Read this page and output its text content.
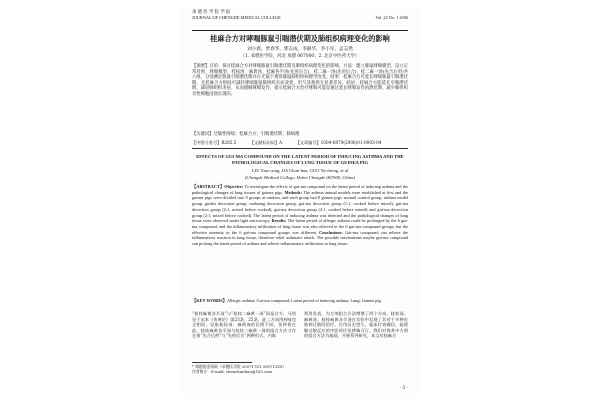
承 德 医 学 院 学 报
JOURNAL OF CHENGDE MEDICAL COLLEGE	Vol. 23 No. 1 2006
桂麻合方对哮喘豚鼠引喘潜伏期及肺组织病理变化的影响
刘小新，贾春华，郭志成，李静华，李小军，孟志然
（1. 承德医学院，河北 承德 067000；2. 北京中医药大学）

【摘要】目的：探讨桂麻合方对哮喘豚鼠引喘潜伏期及肺组织病理变化的影响。方法：建立豚鼠哮喘模型，设立正常对照、哮喘模型、桂枝汤、麻黄汤、桂麻各半汤(先煎后合)、桂二麻一汤(先煎后合)、桂二麻一汤(先合后煎)共八组，分别测定豚鼠引喘潜伏期并在光镜下观察豚鼠肺组织病理学改变。结果：桂麻合方可延长哮喘豚鼠引喘潜伏期，且桂麻合方组间可减轻哮喘豚鼠肺组织炎症改变，但与其他组无显著差异。结论：桂麻合方能延长引喘潜伏期，减轻肺组织炎症，从而缓解哮喘发作，提示桂麻合方治疗哮喘可能是通过延长哮喘发作的潜伏期、减少肺组织炎性细胞浸润实现的。

【关键词】过敏性哮喘；桂麻合方；引喘潜伏期；肺病理

【中图分类号】R285.5	【文献标识码】A	【文章编号】1004-6879(2006)01-0003-04
EFFECTS OF GUI-MA COMPOUND ON THE LATENT PERIOD OF INDUCING ASTHMA AND THE PATHOLOGICAL CHANGES OF LUNG TISSUE OF GUINEA PIG
LIU Xiao-xing, JIA Chun-hua, GUO Yu-cheng, et al
(Chengde Medical College, Hebei Chengde 067000, China)

【ABSTRACT】Objective: To investigate the effects of gui-ma compound on the latent period of inducing asthma and the pathological changes of lung tissues of guinea pigs. Methods: The asthma animal models were established at first and the guinea pigs were divided into 8 groups at random, and each group had 8 guinea pigs: normal control group, asthma model group, guizhi decoction group, mahuang decoction group, gui-ma decoction group (1:1, cooked before mixed), gui-ma decoction group (2:1, mixed before cooked), gui-ma decoction group (2:1, cooked before mixed) and gui-ma decoction group (2:1, mixed before cooked). The latent period of inducing asthma was detected and the pathological changes of lung tissue were observed under light microscopy. Results: The latent period of allergic asthma could be prolonged by the 6 gui-ma compound, and the inflammatory infiltration of lung tissue was also relieved in the 6 gui-ma compound groups, but the effective intensity in the 6 gui-ma compound groups was different. Conclusions: Gui-ma compound can relieve the inflammatory reaction in lung tissue, therefore relief asthmatic attack. The possible mechanisms maybe gui-ma compound can prolong the latent period of asthma and relieve inflammatory infiltration in lung tissue.

【KEY WORDS】Allergic asthma; Gui-ma compound; Latent period of inducing asthma; Lung; Guinea pig

“桂枝麻黄各半汤”与“桂枝二麻黄一汤”同是合方，分别见于宋本《伤寒论》第23条、25条，此二方同用药味完全相同，仅取桂枝汤、麻黄汤的比例不同。张仲景在此，桂枝麻黄各半汤与桂枝二麻黄一汤的组合方法又存在着“先合后煎”与“先煎后合”两种形式，内寓
利用发表，为方剂组合方法增增了两个方向。桂枝汤、麻黄汤、桂枝麻黄各半汤在实验中发现了其对于多种皮肤病过敏的治疗，应用历史悠久，临床疗效确切，能缓解过敏反应的中医药诊治哮喘可行。我们对保养中方剂的组合方法为基础，开展系列研究，本文对桂麻合
* 课题基金资助（承德医学院 200717Z1-200713Z0）
作者简介：E-mail: chenchunhua@163.com
· 3 ·
